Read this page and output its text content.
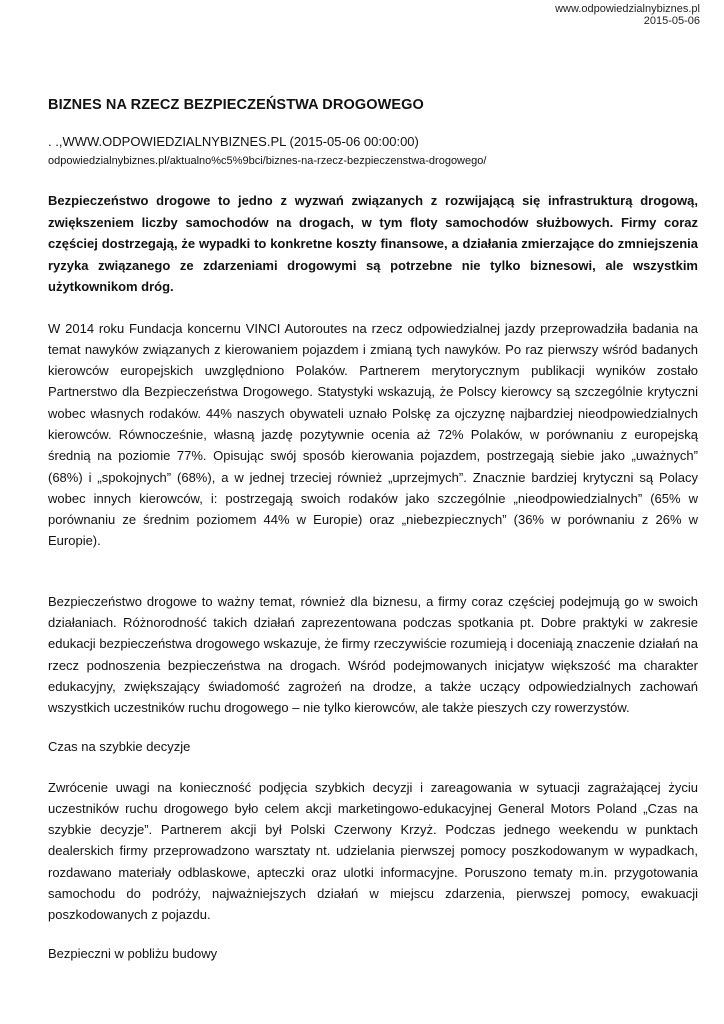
www.odpowiedzialnybiznes.pl
2015-05-06
BIZNES NA RZECZ BEZPIECZEŃSTWA DROGOWEGO
. .,WWW.ODPOWIEDZIALNYBIZNES.PL (2015-05-06 00:00:00)
odpowiedzialnybiznes.pl/aktualno%c5%9bci/biznes-na-rzecz-bezpieczenstwa-drogowego/
Bezpieczeństwo drogowe to jedno z wyzwań związanych z rozwijającą się infrastrukturą drogową, zwiększeniem liczby samochodów na drogach, w tym floty samochodów służbowych. Firmy coraz częściej dostrzegają, że wypadki to konkretne koszty finansowe, a działania zmierzające do zmniejszenia ryzyka związanego ze zdarzeniami drogowymi są potrzebne nie tylko biznesowi, ale wszystkim użytkownikom dróg.
W 2014 roku Fundacja koncernu VINCI Autoroutes na rzecz odpowiedzialnej jazdy przeprowadziła badania na temat nawyków związanych z kierowaniem pojazdem i zmianą tych nawyków. Po raz pierwszy wśród badanych kierowców europejskich uwzględniono Polaków. Partnerem merytorycznym publikacji wyników zostało Partnerstwo dla Bezpieczeństwa Drogowego. Statystyki wskazują, że Polscy kierowcy są szczególnie krytyczni wobec własnych rodaków. 44% naszych obywateli uznało Polskę za ojczyznę najbardziej nieodpowiedzialnych kierowców. Równocześnie, własną jazdę pozytywnie ocenia aż 72% Polaków, w porównaniu z europejską średnią na poziomie 77%. Opisując swój sposób kierowania pojazdem, postrzegają siebie jako „uważnych” (68%) i „spokojnych” (68%), a w jednej trzeciej również „uprzejmych”. Znacznie bardziej krytyczni są Polacy wobec innych kierowców, i: postrzegają swoich rodaków jako szczególnie „nieodpowiedzialnych” (65% w porównaniu ze średnim poziomem 44% w Europie) oraz „niebezpiecznych” (36% w porównaniu z 26% w Europie).
Bezpieczeństwo drogowe to ważny temat, również dla biznesu, a firmy coraz częściej podejmują go w swoich działaniach. Różnorodność takich działań zaprezentowana podczas spotkania pt. Dobre praktyki w zakresie edukacji bezpieczeństwa drogowego wskazuje, że firmy rzeczywiście rozumieją i doceniają znaczenie działań na rzecz podnoszenia bezpieczeństwa na drogach. Wśród podejmowanych inicjatyw większość ma charakter edukacyjny, zwiększający świadomość zagrożeń na drodze, a także uczący odpowiedzialnych zachowań wszystkich uczestników ruchu drogowego – nie tylko kierowców, ale także pieszych czy rowerzystów.
Czas na szybkie decyzje
Zwrócenie uwagi na konieczność podjęcia szybkich decyzji i zareagowania w sytuacji zagrażającej życiu uczestników ruchu drogowego było celem akcji marketingowo-edukacyjnej General Motors Poland „Czas na szybkie decyzje”. Partnerem akcji był Polski Czerwony Krzyż. Podczas jednego weekendu w punktach dealerskich firmy przeprowadzono warsztaty nt. udzielania pierwszej pomocy poszkodowanym w wypadkach, rozdawano materiały odblaskowe, apteczki oraz ulotki informacyjne. Poruszono tematy m.in. przygotowania samochodu do podróży, najważniejszych działań w miejscu zdarzenia, pierwszej pomocy, ewakuacji poszkodowanych z pojazdu.
Bezpieczni w pobliżu budowy
